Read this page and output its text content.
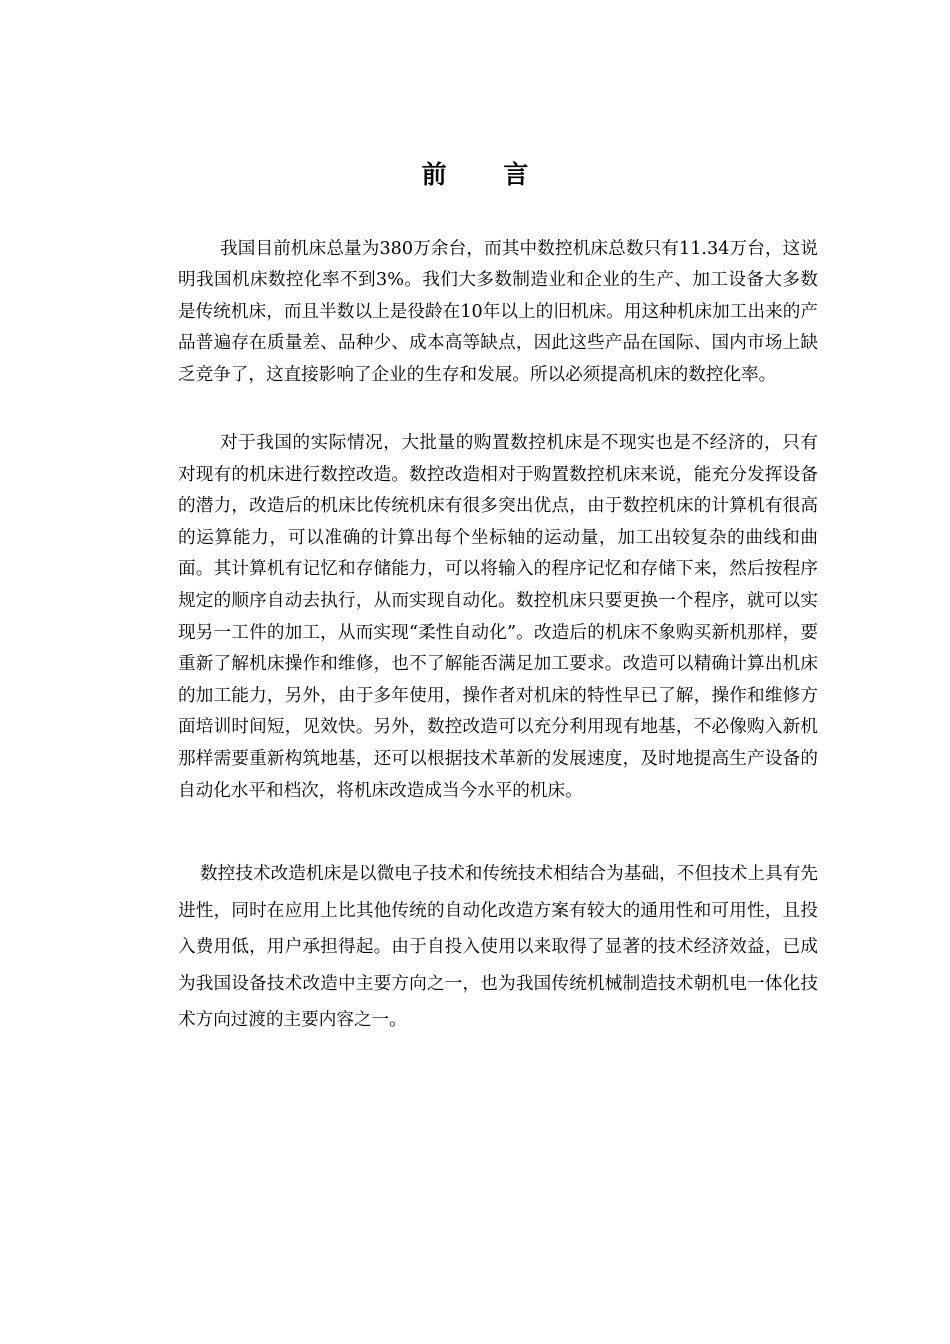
前 言

我国目前机床总量为380万余台，而其中数控机床总数只有11.34万台，这说明我国机床数控化率不到3%。我们大多数制造业和企业的生产、加工设备大多数是传统机床，而且半数以上是役龄在10年以上的旧机床。用这种机床加工出来的产品普遍存在质量差、品种少、成本高等缺点，因此这些产品在国际、国内市场上缺乏竞争了，这直接影响了企业的生存和发展。所以必须提高机床的数控化率。

对于我国的实际情况，大批量的购置数控机床是不现实也是不经济的，只有对现有的机床进行数控改造。数控改造相对于购置数控机床来说，能充分发挥设备的潜力，改造后的机床比传统机床有很多突出优点，由于数控机床的计算机有很高的运算能力，可以准确的计算出每个坐标轴的运动量，加工出较复杂的曲线和曲面。其计算机有记忆和存储能力，可以将输入的程序记忆和存储下来，然后按程序规定的顺序自动去执行，从而实现自动化。数控机床只要更换一个程序，就可以实现另一工件的加工，从而实现“柔性自动化”。改造后的机床不象购买新机那样，要重新了解机床操作和维修，也不了解能否满足加工要求。改造可以精确计算出机床的加工能力，另外，由于多年使用，操作者对机床的特性早已了解，操作和维修方面培训时间短，见效快。另外，数控改造可以充分利用现有地基，不必像购入新机那样需要重新构筑地基，还可以根据技术革新的发展速度，及时地提高生产设备的自动化水平和档次，将机床改造成当今水平的机床。

数控技术改造机床是以微电子技术和传统技术相结合为基础，不但技术上具有先进性，同时在应用上比其他传统的自动化改造方案有较大的通用性和可用性，且投入费用低，用户承担得起。由于自投入使用以来取得了显著的技术经济效益，已成为我国设备技术改造中主要方向之一，也为我国传统机械制造技术朝机电一体化技术方向过渡的主要内容之一。
